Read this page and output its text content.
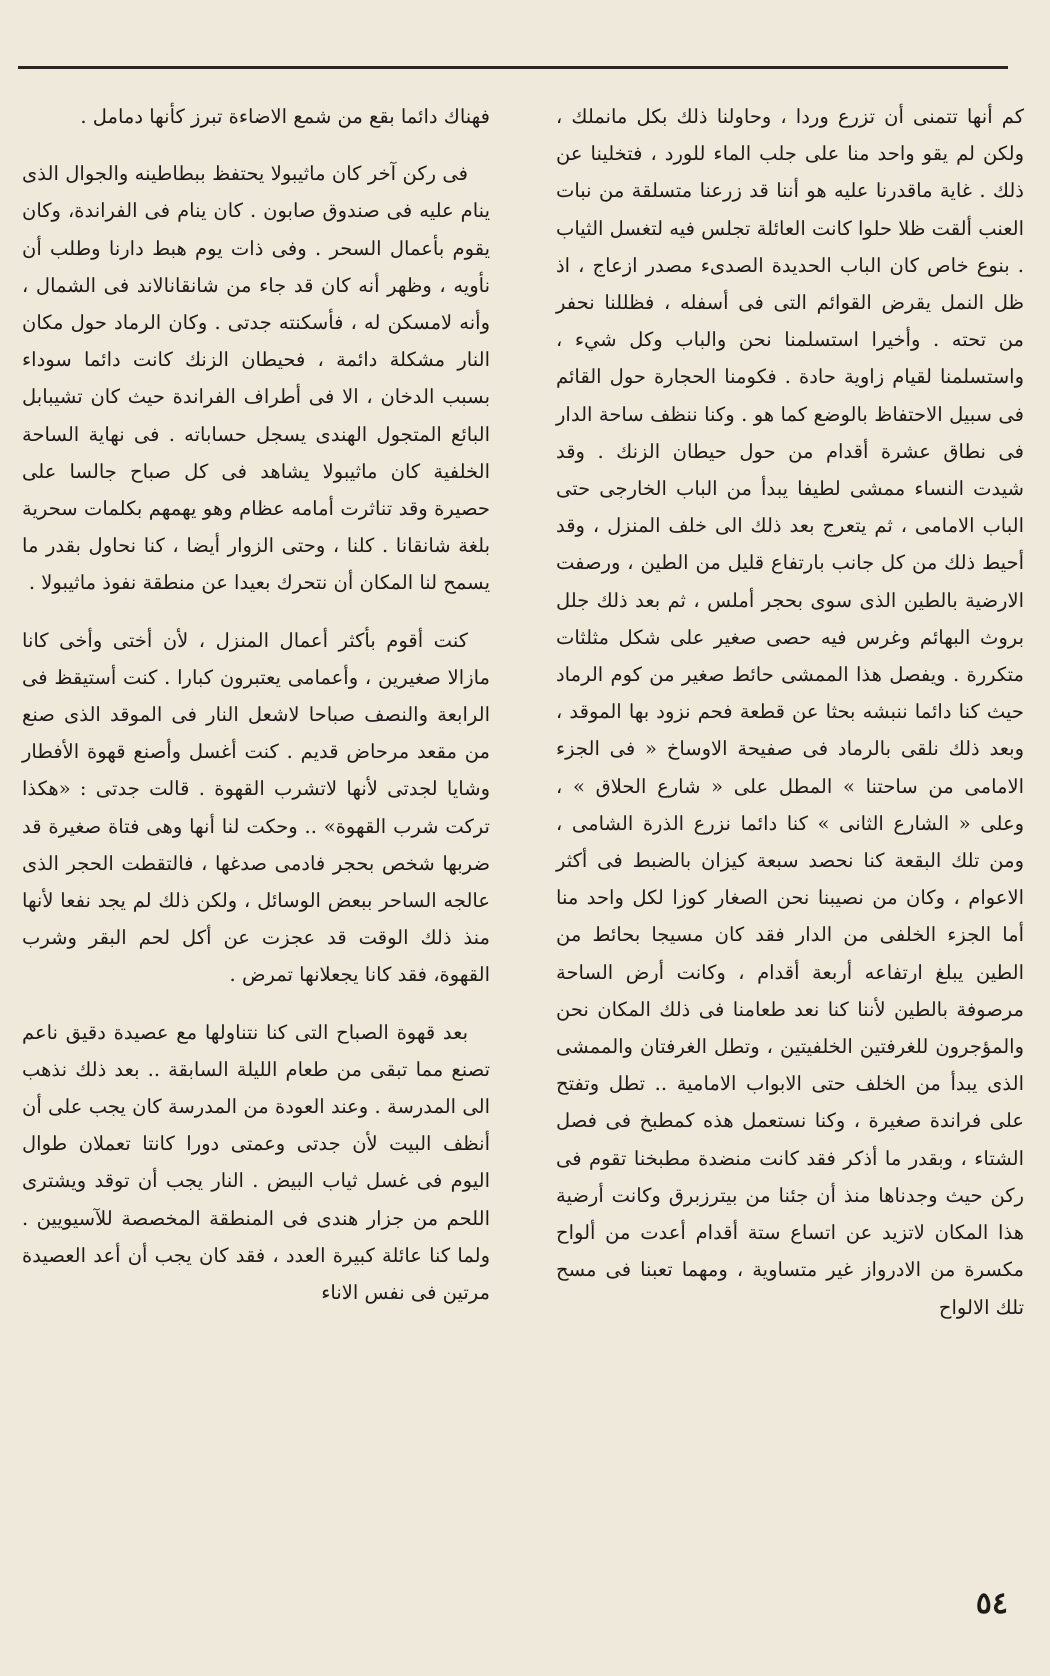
كم أنها تتمنى أن تزرع وردا ، وحاولنا ذلك بكل مانملك ، ولكن لم يقو واحد منا على جلب الماء للورد ، فتخلينا عن ذلك . غاية ماقدرنا عليه هو أننا قد زرعنا متسلقة من نبات العنب ألقت ظلا حلوا كانت العائلة تجلس فيه لتغسل الثياب . بنوع خاص كان الباب الحديدة الصدىء مصدر ازعاج ، اذ ظل النمل يقرض القوائم التى فى أسفله ، فظللنا نحفر من تحته . وأخيرا استسلمنا نحن والباب وكل شيء ، واستسلمنا لقيام زاوية حادة . فكومنا الحجارة حول القائم فى سبيل الاحتفاظ بالوضع كما هو . وكنا ننظف ساحة الدار فى نطاق عشرة أقدام من حول حيطان الزنك . وقد شيدت النساء ممشى لطيفا يبدأ من الباب الخارجى حتى الباب الامامى ، ثم يتعرج بعد ذلك الى خلف المنزل ، وقد أحيط ذلك من كل جانب بارتفاع قليل من الطين ، ورصفت الارضية بالطين الذى سوى بحجر أملس ، ثم بعد ذلك جلل بروث البهائم وغرس فيه حصى صغير على شكل مثلثات متكررة . ويفصل هذا الممشى حائط صغير من كوم الرماد حيث كنا دائما ننبشه بحثا عن قطعة فحم نزود بها الموقد ، وبعد ذلك نلقى بالرماد فى صفيحة الاوساخ « فى الجزء الامامى من ساحتنا » المطل على « شارع الحلاق » ، وعلى « الشارع الثانى » كنا دائما نزرع الذرة الشامى ، ومن تلك البقعة كنا نحصد سبعة كيزان بالضبط فى أكثر الاعوام ، وكان من نصيبنا نحن الصغار كوزا لكل واحد منا أما الجزء الخلفى من الدار فقد كان مسيجا بحائط من الطين يبلغ ارتفاعه أربعة أقدام ، وكانت أرض الساحة مرصوفة بالطين لأننا كنا نعد طعامنا فى ذلك المكان نحن والمؤجرون للغرفتين الخلفيتين ، وتطل الغرفتان والممشى الذى يبدأ من الخلف حتى الابواب الامامية .. تطل وتفتح على فراندة صغيرة ، وكنا نستعمل هذه كمطبخ فى فصل الشتاء ، وبقدر ما أذكر فقد كانت منضدة مطبخنا تقوم فى ركن حيث وجدناها منذ أن جئنا من بيترزبرق وكانت أرضية هذا المكان لاتزيد عن اتساع ستة أقدام أعدت من ألواح مكسرة من الادرواز غير متساوية ، ومهما تعبنا فى مسح تلك الالواح

فهناك دائما بقع من شمع الاضاءة تبرز كأنها دمامل .

فى ركن آخر كان ماثيبولا يحتفظ ببطاطينه والجوال الذى ينام عليه فى صندوق صابون . كان ينام فى الفراندة، وكان يقوم بأعمال السحر . وفى ذات يوم هبط دارنا وطلب أن نأويه ، وظهر أنه كان قد جاء من شانقانالاند فى الشمال ، وأنه لامسكن له ، فأسكنته جدتى . وكان الرماد حول مكان النار مشكلة دائمة ، فحيطان الزنك كانت دائما سوداء بسبب الدخان ، الا فى أطراف الفراندة حيث كان تشيبابل البائع المتجول الهندى يسجل حساباته . فى نهاية الساحة الخلفية كان ماثيبولا يشاهد فى كل صباح جالسا على حصيرة وقد تناثرت أمامه عظام وهو يهمهم بكلمات سحرية بلغة شانقانا . كلنا ، وحتى الزوار أيضا ، كنا نحاول بقدر ما يسمح لنا المكان أن نتحرك بعيدا عن منطقة نفوذ ماثيبولا .

كنت أقوم بأكثر أعمال المنزل ، لأن أختى وأخى كانا مازالا صغيرين ، وأعمامى يعتبرون كبارا . كنت أستيقظ فى الرابعة والنصف صباحا لاشعل النار فى الموقد الذى صنع من مقعد مرحاض قديم . كنت أغسل وأصنع قهوة الأفطار وشايا لجدتى لأنها لاتشرب القهوة . قالت جدتى : «هكذا تركت شرب القهوة» .. وحكت لنا أنها وهى فتاة صغيرة قد ضربها شخص بحجر فادمى صدغها ، فالتقطت الحجر الذى عالجه الساحر ببعض الوسائل ، ولكن ذلك لم يجد نفعا لأنها منذ ذلك الوقت قد عجزت عن أكل لحم البقر وشرب القهوة، فقد كانا يجعلانها تمرض .

بعد قهوة الصباح التى كنا نتناولها مع عصيدة دقيق ناعم تصنع مما تبقى من طعام الليلة السابقة .. بعد ذلك نذهب الى المدرسة . وعند العودة من المدرسة كان يجب على أن أنظف البيت لأن جدتى وعمتى دورا كانتا تعملان طوال اليوم فى غسل ثياب البيض . النار يجب أن توقد ويشترى اللحم من جزار هندى فى المنطقة المخصصة للآسيويين . ولما كنا عائلة كبيرة العدد ، فقد كان يجب أن أعد العصيدة مرتين فى نفس الاناء

٥٤
